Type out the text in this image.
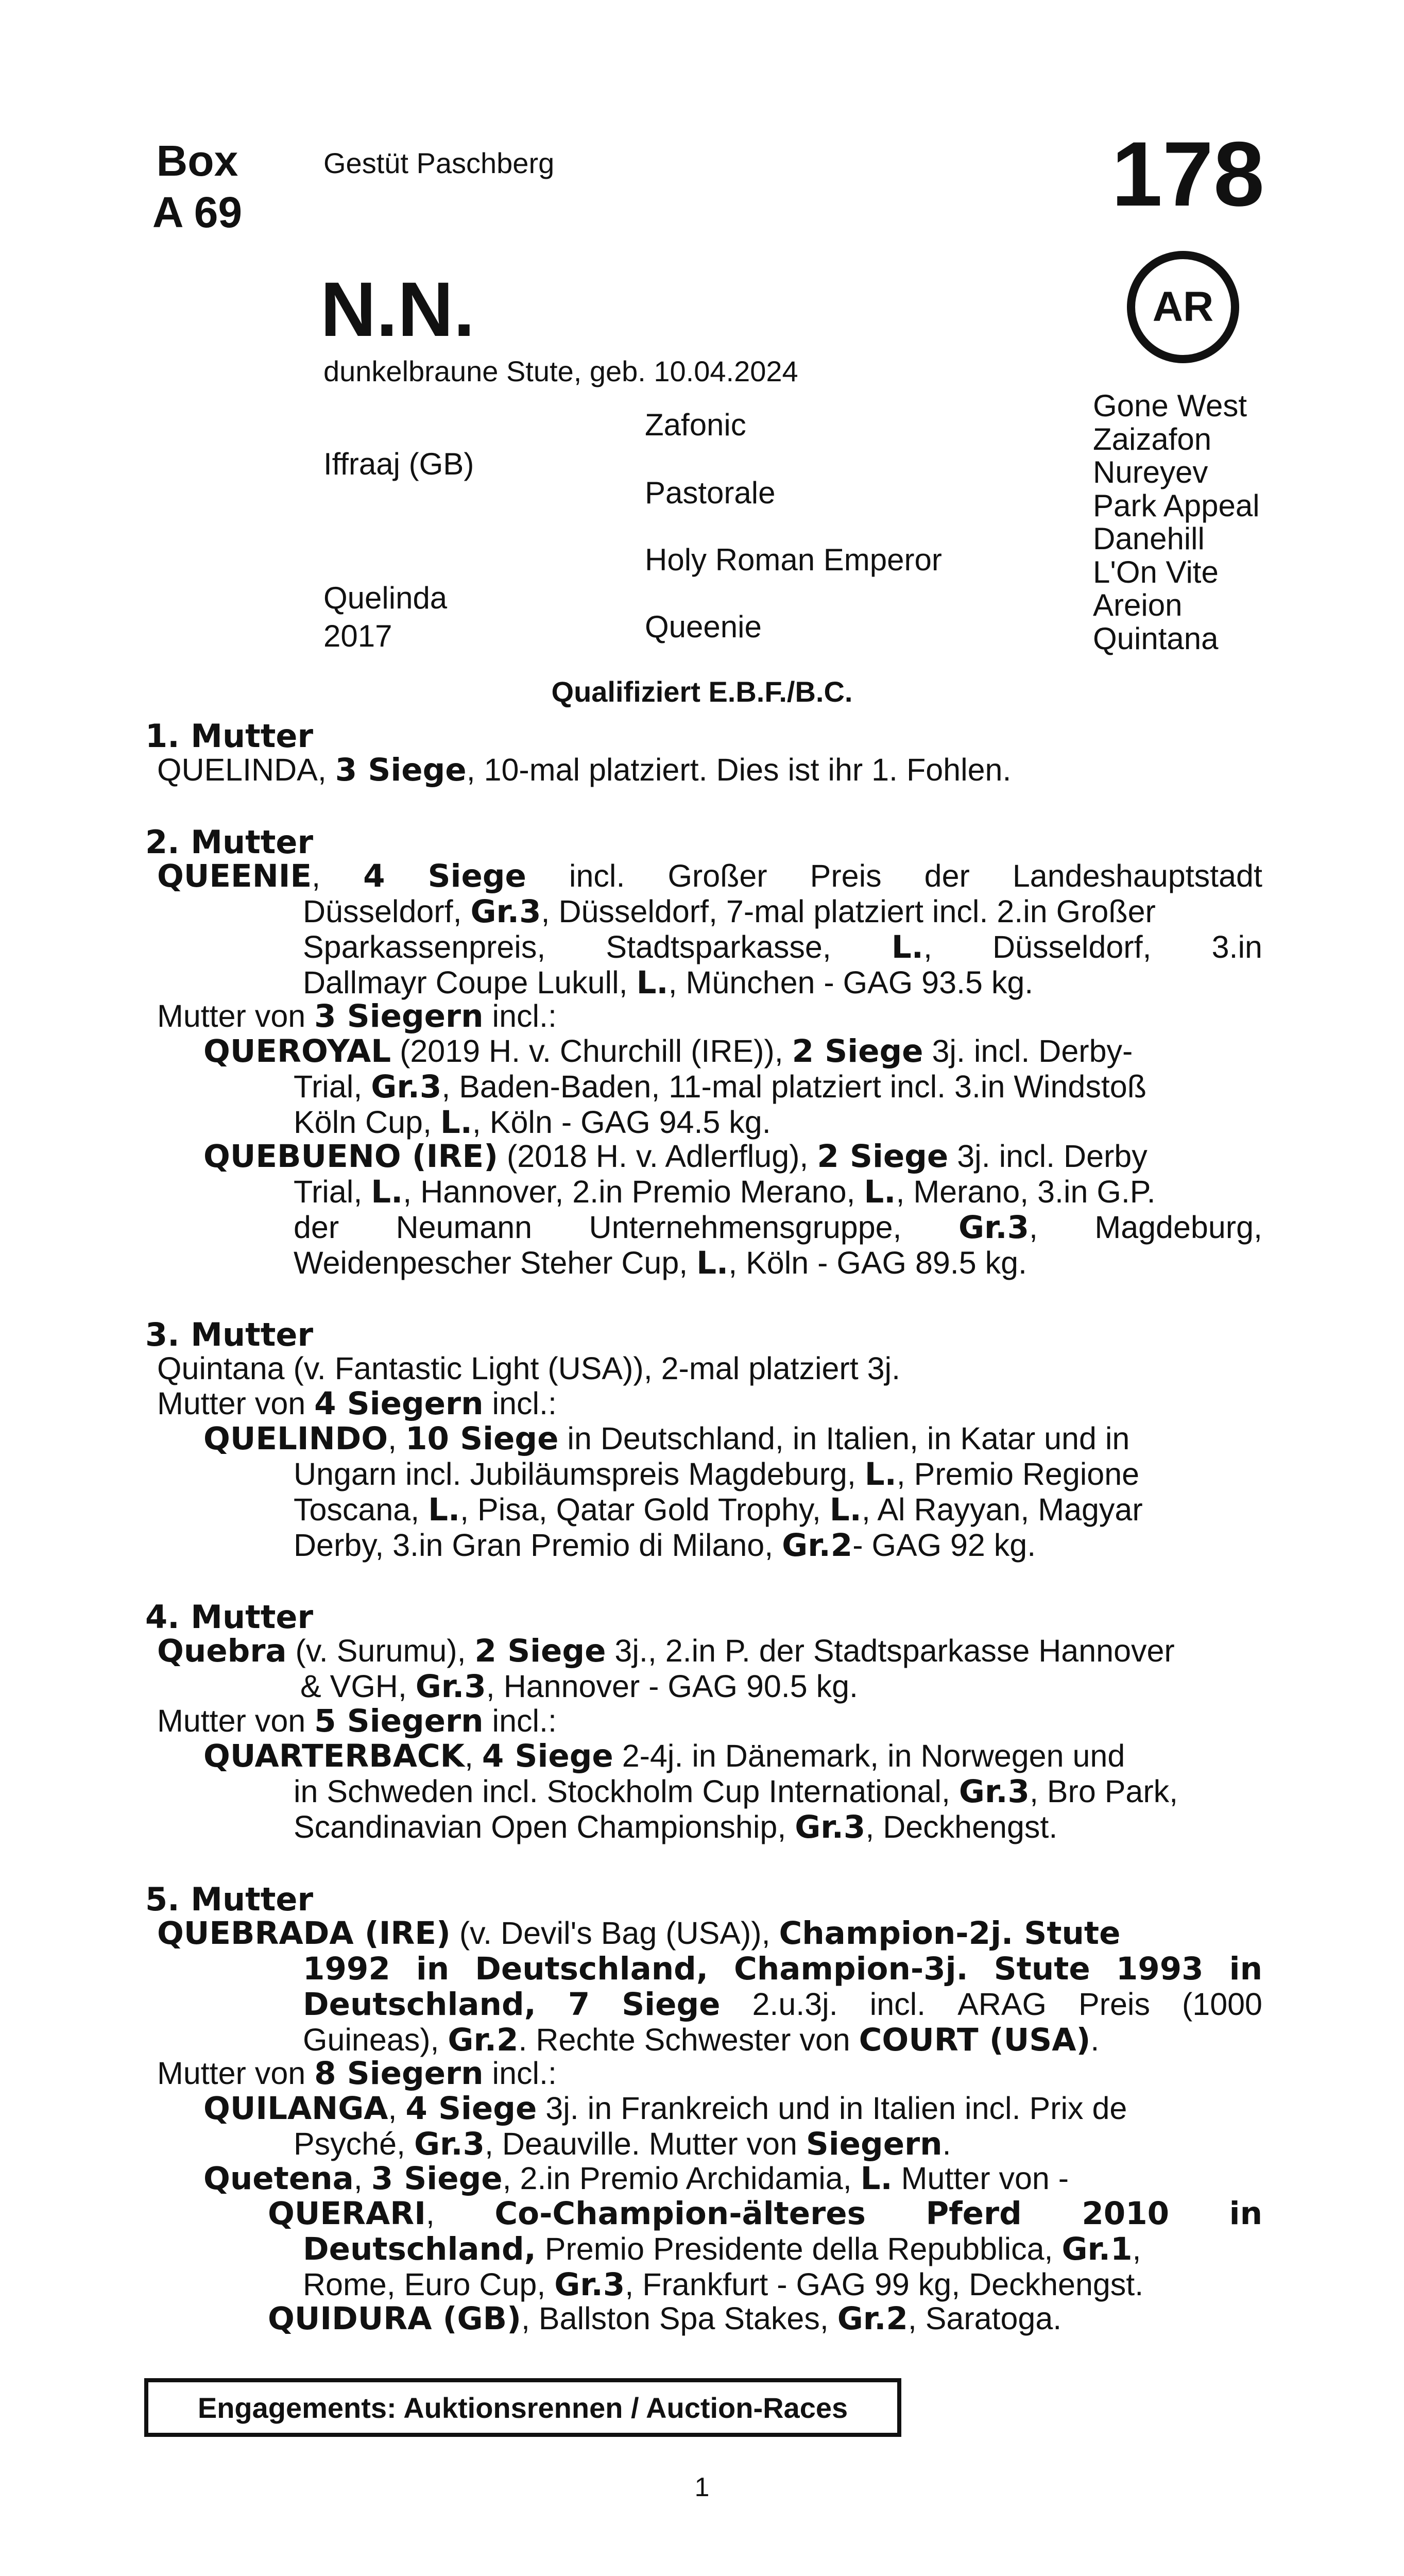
Box
A 69
Gestüt Paschberg	178
AR
N.N.
dunkelbraune Stute, geb. 10.04.2024
Iffraaj (GB)
Quelinda
2017
Zafonic
Pastorale
Holy Roman Emperor
Queenie
Gone West
Zaizafon
Nureyev
Park Appeal
Danehill
L'On Vite
Areion
Quintana
Qualifiziert E.B.F./B.C.
1. Mutter
QUELINDA, 3 Siege, 10-mal platziert. Dies ist ihr 1. Fohlen.
2. Mutter
QUEENIE, 4 Siege incl. Großer Preis der Landeshauptstadt
Düsseldorf, Gr.3, Düsseldorf, 7-mal platziert incl. 2.in Großer
Sparkassenpreis, Stadtsparkasse, L., Düsseldorf, 3.in
Dallmayr Coupe Lukull, L., München - GAG 93.5 kg.
Mutter von 3 Siegern incl.:
QUEROYAL (2019 H. v. Churchill (IRE)), 2 Siege 3j. incl. Derby-
Trial, Gr.3, Baden-Baden, 11-mal platziert incl. 3.in Windstoß
Köln Cup, L., Köln - GAG 94.5 kg.
QUEBUENO (IRE) (2018 H. v. Adlerflug), 2 Siege 3j. incl. Derby
Trial, L., Hannover, 2.in Premio Merano, L., Merano, 3.in G.P.
der Neumann Unternehmensgruppe, Gr.3, Magdeburg,
Weidenpescher Steher Cup, L., Köln - GAG 89.5 kg.
3. Mutter
Quintana (v. Fantastic Light (USA)), 2-mal platziert 3j.
Mutter von 4 Siegern incl.:
QUELINDO, 10 Siege in Deutschland, in Italien, in Katar und in
Ungarn incl. Jubiläumspreis Magdeburg, L., Premio Regione
Toscana, L., Pisa, Qatar Gold Trophy, L., Al Rayyan, Magyar
Derby, 3.in Gran Premio di Milano, Gr.2- GAG 92 kg.
4. Mutter
Quebra (v. Surumu), 2 Siege 3j., 2.in P. der Stadtsparkasse Hannover
& VGH, Gr.3, Hannover - GAG 90.5 kg.
Mutter von 5 Siegern incl.:
QUARTERBACK, 4 Siege 2-4j. in Dänemark, in Norwegen und
in Schweden incl. Stockholm Cup International, Gr.3, Bro Park,
Scandinavian Open Championship, Gr.3, Deckhengst.
5. Mutter
QUEBRADA (IRE) (v. Devil's Bag (USA)), Champion-2j. Stute
1992 in Deutschland, Champion-3j. Stute 1993 in
Deutschland, 7 Siege 2.u.3j. incl. ARAG Preis (1000
Guineas), Gr.2. Rechte Schwester von COURT (USA).
Mutter von 8 Siegern incl.:
QUILANGA, 4 Siege 3j. in Frankreich und in Italien incl. Prix de
Psyché, Gr.3, Deauville. Mutter von Siegern.
Quetena, 3 Siege, 2.in Premio Archidamia, L. Mutter von -
QUERARI, Co-Champion-älteres Pferd 2010 in
Deutschland, Premio Presidente della Repubblica, Gr.1,
Rome, Euro Cup, Gr.3, Frankfurt - GAG 99 kg, Deckhengst.
QUIDURA (GB), Ballston Spa Stakes, Gr.2, Saratoga.
Engagements: Auktionsrennen / Auction-Races
1
